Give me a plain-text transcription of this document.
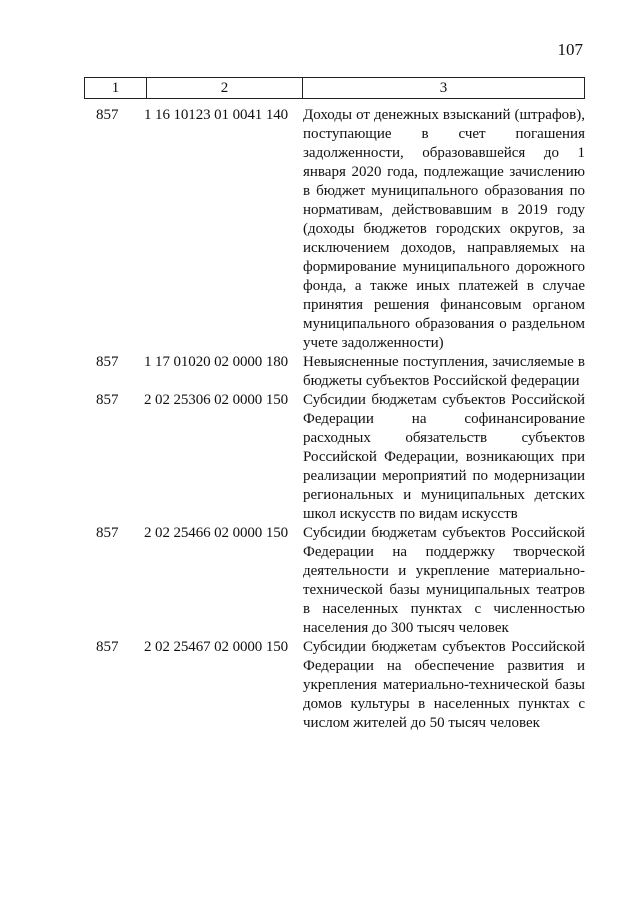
107
1	2	3
857 1 16 10123 01 0041 140 Доходы от денежных взысканий (штрафов), поступающие в счет погашения задолженности, образовавшейся до 1 января 2020 года, подлежащие зачислению в бюджет муниципального образования по нормативам, действовавшим в 2019 году (доходы бюджетов городских округов, за исключением доходов, направляемых на формирование муниципального дорожного фонда, а также иных платежей в случае принятия решения финансовым органом муниципального образования о раздельном учете задолженности)
857 1 17 01020 02 0000 180 Невыясненные поступления, зачисляемые в бюджеты субъектов Российской федерации
857 2 02 25306 02 0000 150 Субсидии бюджетам субъектов Российской Федерации на софинансирование расходных обязательств субъектов Российской Федерации, возникающих при реализации мероприятий по модернизации региональных и муниципальных детских школ искусств по видам искусств
857 2 02 25466 02 0000 150 Субсидии бюджетам субъектов Российской Федерации на поддержку творческой деятельности и укрепление материально-технической базы муниципальных театров в населенных пунктах с численностью населения до 300 тысяч человек
857 2 02 25467 02 0000 150 Субсидии бюджетам субъектов Российской Федерации на обеспечение развития и укрепления материально-технической базы домов культуры в населенных пунктах с числом жителей до 50 тысяч человек
